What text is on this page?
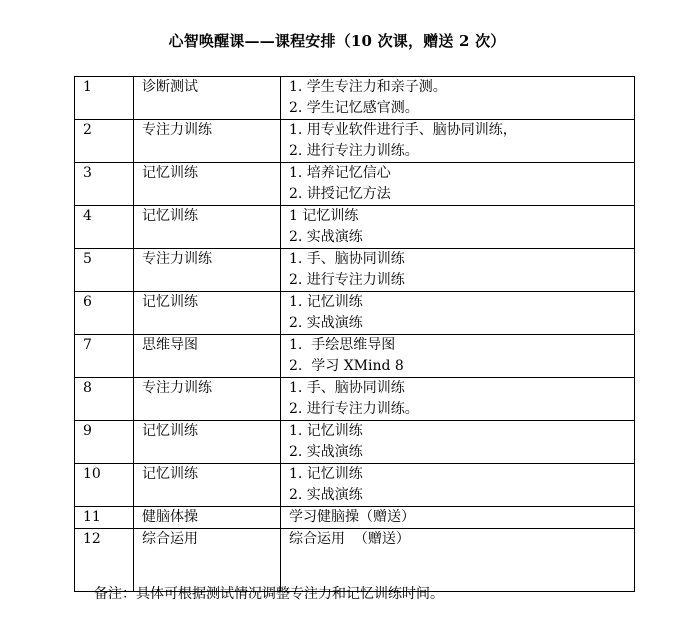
心智唤醒课——课程安排（10 次课，赠送 2 次）
1	诊断测试	1. 学生专注力和亲子测。
2. 学生记忆感官测。

2	专注力训练	1. 用专业软件进行手、脑协同训练，
2. 进行专注力训练。

3	记忆训练	1. 培养记忆信心
2. 讲授记忆方法

4	记忆训练	1 记忆训练
2. 实战演练

5	专注力训练	1. 手、脑协同训练
2. 进行专注力训练

6	记忆训练	1. 记忆训练
2. 实战演练

7	思维导图	1.  手绘思维导图
2.  学习 XMind 8

8	专注力训练	1. 手、脑协同训练
2. 进行专注力训练。

9	记忆训练	1. 记忆训练
2. 实战演练

10	记忆训练	1. 记忆训练
2. 实战演练

11	健脑体操	学习健脑操（赠送）

12	综合运用	综合运用  （赠送）
备注：具体可根据测试情况调整专注力和记忆训练时间。
